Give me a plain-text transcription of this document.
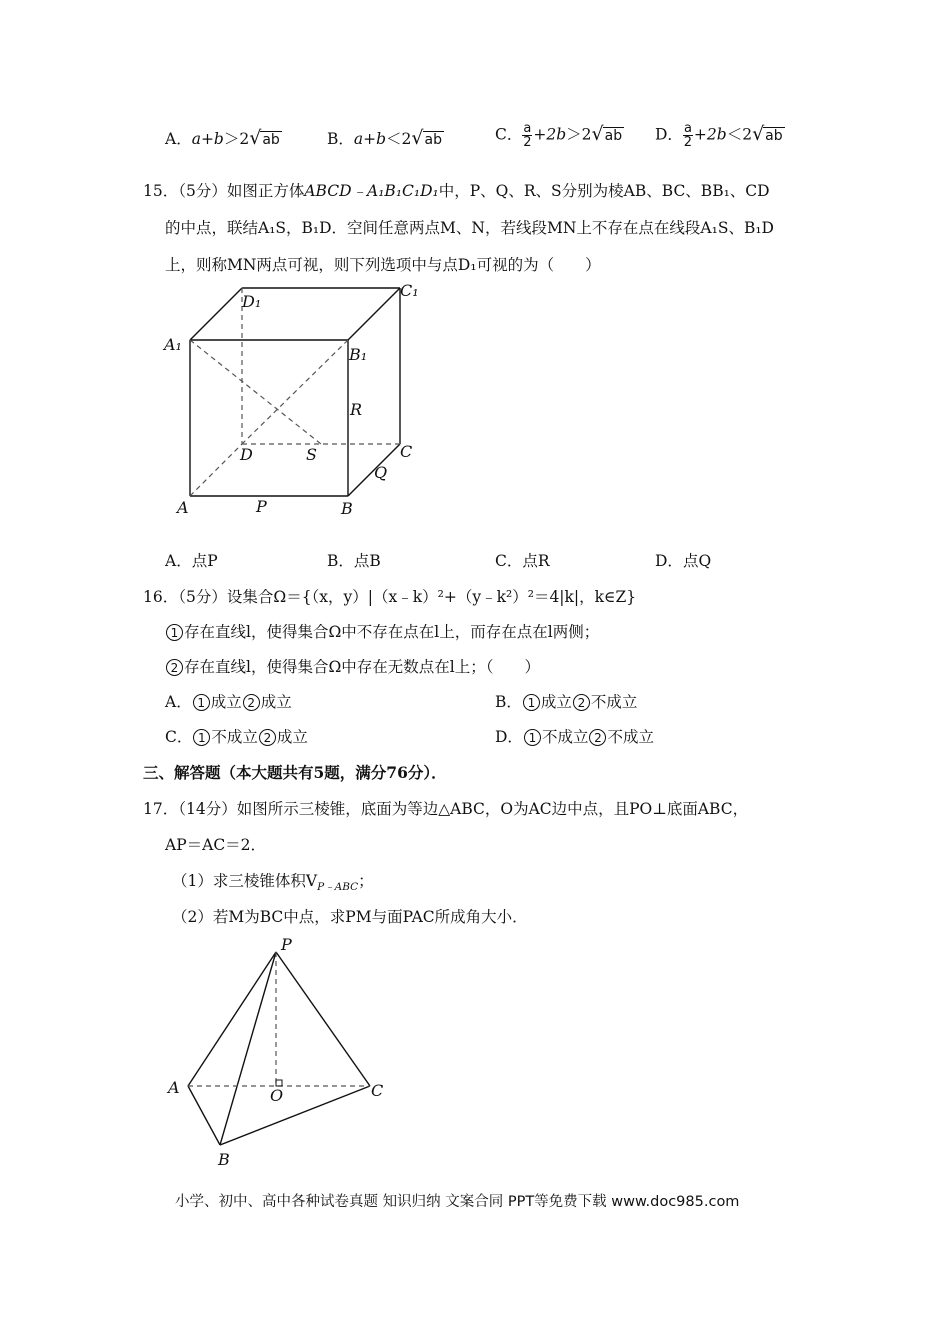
A．a+b＞2√ab	B．a+b＜2√ab	C． $\frac{a}{2} +2b>2√ab$ D． $\frac{a}{2} +2b<2√ab$
15．（5分）如图正方体ABCD﹣A₁B₁C₁D₁中，P、Q、R、S分别为棱AB、BC、BB₁、CD
的中点，联结A₁S，B₁D．空间任意两点M、N，若线段MN上不存在点在线段A₁S、B₁D
上，则称MN两点可视，则下列选项中与点D₁可视的为（　　）
D₁
C₁
A₁
B₁
R
D	S	C
Q
A	P	B
A．点P	B．点B	C．点R	D．点Q
16．（5分）设集合Ω＝{（x，y）|（x﹣k）²+（y﹣k²）²＝4|k|，k∈Z}
1 存在直线l，使得集合Ω中不存在点在l上，而存在点在l两侧；
2 存在直线l，使得集合Ω中存在无数点在l上；（　　）
A． 1 成立 2 成立	B． 1 成立 2 不成立
C． 1 不成立 2 成立	D． 1 不成立 2 不成立
三、解答题（本大题共有5题，满分76分）．
17．（14分）如图所示三棱锥，底面为等边△ABC，O为AC边中点，且PO⊥底面ABC，
AP＝AC＝2．
（1）求三棱锥体积$V_{P﹣ABC}$；
（2）若M为BC中点，求PM与面PAC所成角大小．
P
A	O	C
B
小学、初中、高中各种试卷真题 知识归纳 文案合同 PPT等免费下载 www.doc985.com
